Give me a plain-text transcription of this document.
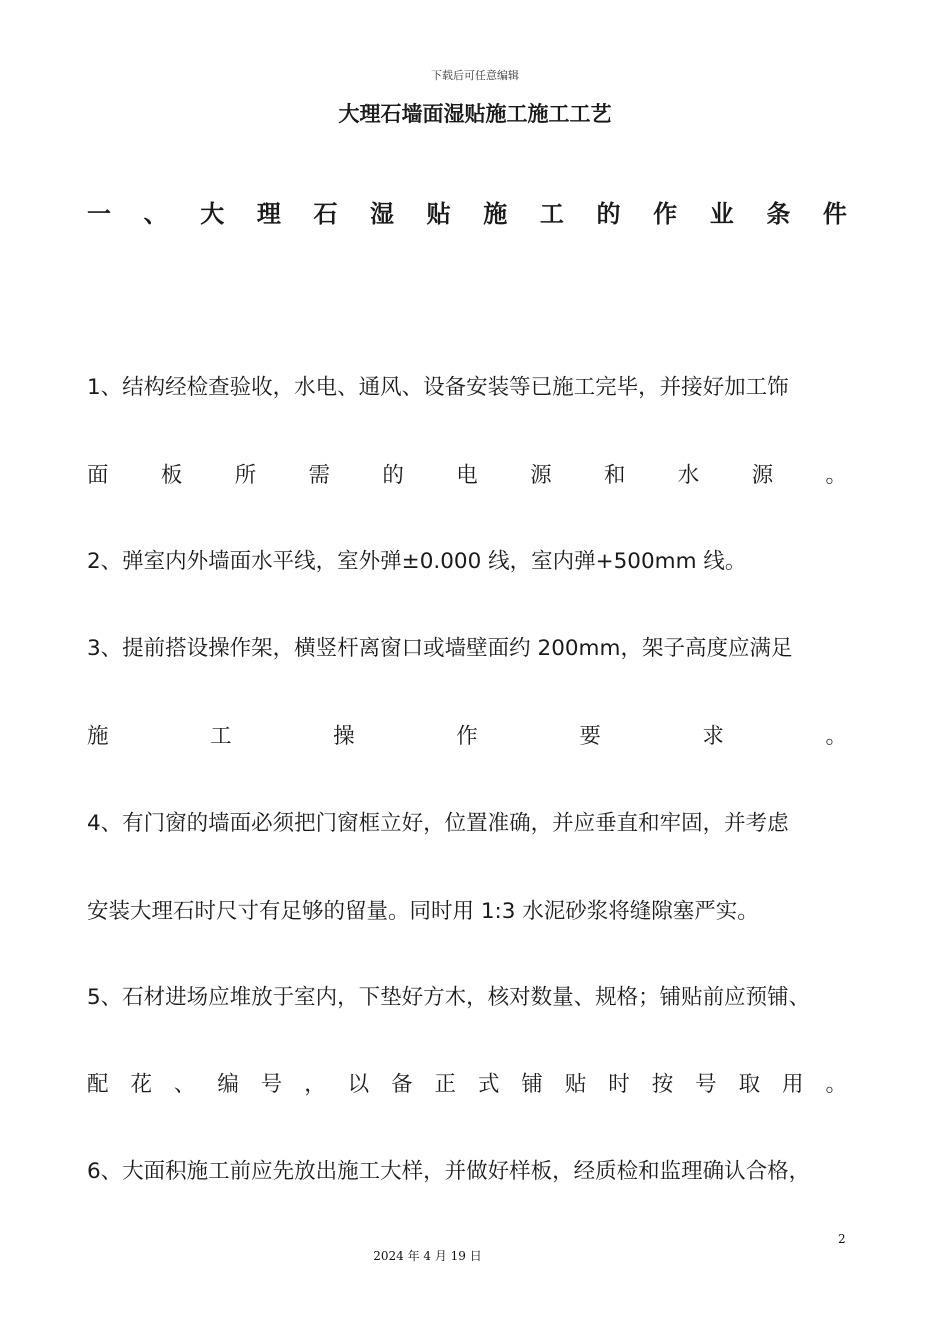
下载后可任意编辑
大理石墙面湿贴施工施工工艺
一 、 大 理 石 湿 贴 施 工 的 作 业 条 件
1、结构经检查验收，水电、通风、设备安装等已施工完毕，并接好加工饰
面 板 所 需 的 电 源 和 水 源 。
2、弹室内外墙面水平线，室外弹±0.000 线，室内弹+500mm 线。
3、提前搭设操作架，横竖杆离窗口或墙壁面约 200mm，架子高度应满足
施	工	操	作	要	求	。
4、有门窗的墙面必须把门窗框立好，位置准确，并应垂直和牢固，并考虑
安装大理石时尺寸有足够的留量。同时用 1:3 水泥砂浆将缝隙塞严实。
5、石材进场应堆放于室内，下垫好方木，核对数量、规格；铺贴前应预铺、
配 花 、 编 号 ， 以 备 正 式 铺 贴 时 按 号 取 用 。
6、大面积施工前应先放出施工大样，并做好样板，经质检和监理确认合格，
2
2024 年 4 月 19 日
